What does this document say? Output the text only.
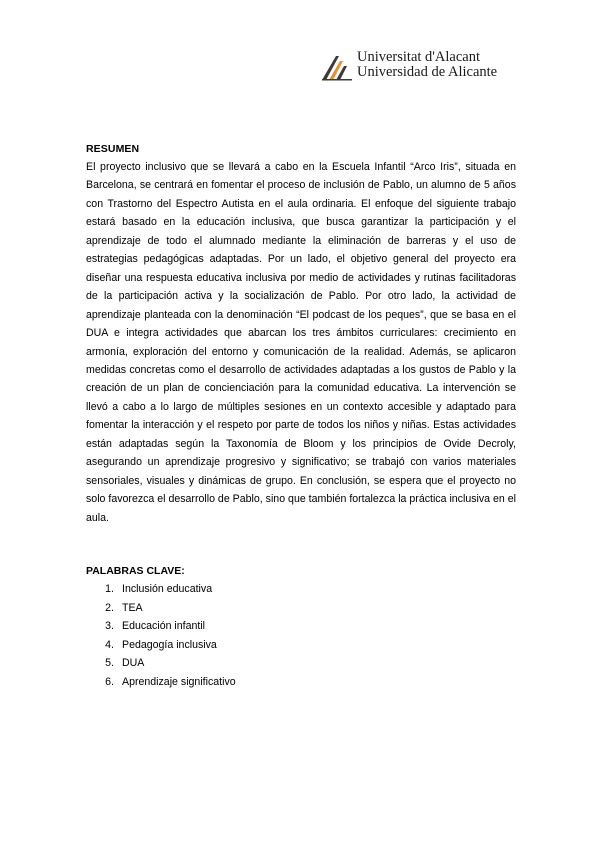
Universitat d'Alacant
Universidad de Alicante

RESUMEN

El proyecto inclusivo que se llevará a cabo en la Escuela Infantil “Arco Iris”, situada en Barcelona, se centrará en fomentar el proceso de inclusión de Pablo, un alumno de 5 años con Trastorno del Espectro Autista en el aula ordinaria. El enfoque del siguiente trabajo estará basado en la educación inclusiva, que busca garantizar la participación y el aprendizaje de todo el alumnado mediante la eliminación de barreras y el uso de estrategias pedagógicas adaptadas. Por un lado, el objetivo general del proyecto era diseñar una respuesta educativa inclusiva por medio de actividades y rutinas facilitadoras de la participación activa y la socialización de Pablo. Por otro lado, la actividad de aprendizaje planteada con la denominación “El podcast de los peques”, que se basa en el DUA e integra actividades que abarcan los tres ámbitos curriculares: crecimiento en armonía, exploración del entorno y comunicación de la realidad. Además, se aplicaron medidas concretas como el desarrollo de actividades adaptadas a los gustos de Pablo y la creación de un plan de concienciación para la comunidad educativa. La intervención se llevó a cabo a lo largo de múltiples sesiones en un contexto accesible y adaptado para fomentar la interacción y el respeto por parte de todos los niños y niñas. Estas actividades están adaptadas según la Taxonomía de Bloom y los principios de Ovide Decroly, asegurando un aprendizaje progresivo y significativo; se trabajó con varios materiales sensoriales, visuales y dinámicas de grupo. En conclusión, se espera que el proyecto no solo favorezca el desarrollo de Pablo, sino que también fortalezca la práctica inclusiva en el aula.

PALABRAS CLAVE:

1. Inclusión educativa
2. TEA
3. Educación infantil
4. Pedagogía inclusiva
5. DUA
6. Aprendizaje significativo
